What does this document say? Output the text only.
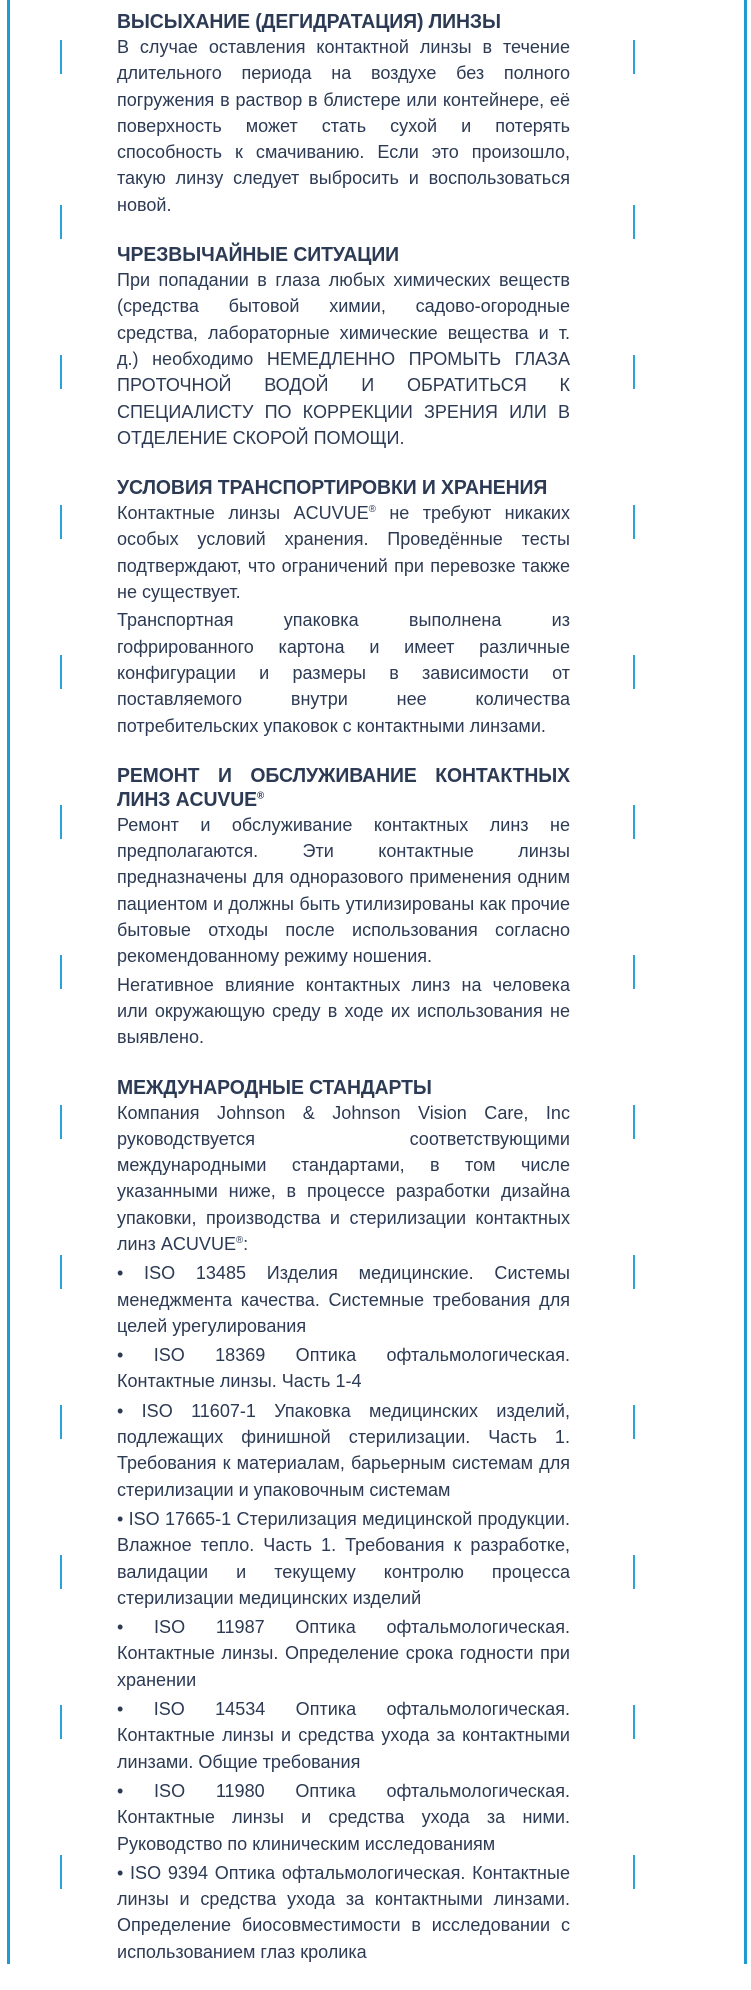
ВЫСЫХАНИЕ (ДЕГИДРАТАЦИЯ) ЛИНЗЫ

В случае оставления контактной линзы в течение длительного периода на воздухе без полного погружения в раствор в блистере или контейнере, её поверхность может стать сухой и потерять способность к смачиванию. Если это произошло, такую линзу следует выбросить и воспользоваться новой.

ЧРЕЗВЫЧАЙНЫЕ СИТУАЦИИ

При попадании в глаза любых химических веществ (средства бытовой химии, садово-огородные средства, лабораторные химические вещества и т. д.) необходимо НЕМЕДЛЕННО ПРОМЫТЬ ГЛАЗА ПРОТОЧНОЙ ВОДОЙ И ОБРАТИТЬСЯ К СПЕЦИАЛИСТУ ПО КОРРЕКЦИИ ЗРЕНИЯ ИЛИ В ОТДЕЛЕНИЕ СКОРОЙ ПОМОЩИ.

УСЛОВИЯ ТРАНСПОРТИРОВКИ И ХРАНЕНИЯ

Контактные линзы ACUVUE® не требуют никаких особых условий хранения. Проведённые тесты подтверждают, что ограничений при перевозке также не существует.

Транспортная упаковка выполнена из гофрированного картона и имеет различные конфигурации и размеры в зависимости от поставляемого внутри нее количества потребительских упаковок с контактными линзами.

РЕМОНТ И ОБСЛУЖИВАНИЕ КОНТАКТНЫХ ЛИНЗ ACUVUE®

Ремонт и обслуживание контактных линз не предполагаются. Эти контактные линзы предназначены для одноразового применения одним пациентом и должны быть утилизированы как прочие бытовые отходы после использования согласно рекомендованному режиму ношения.

Негативное влияние контактных линз на человека или окружающую среду в ходе их использования не выявлено.

МЕЖДУНАРОДНЫЕ СТАНДАРТЫ

Компания Johnson & Johnson Vision Care, Inc руководствуется соответствующими международными стандартами, в том числе указанными ниже, в процессе разработки дизайна упаковки, производства и стерилизации контактных линз ACUVUE®:

• ISO 13485 Изделия медицинские. Системы менеджмента качества. Системные требования для целей урегулирования

• ISO 18369 Оптика офтальмологическая. Контактные линзы. Часть 1-4

• ISO 11607-1 Упаковка медицинских изделий, подлежащих финишной стерилизации. Часть 1. Требования к материалам, барьерным системам для стерилизации и упаковочным системам

• ISO 17665-1 Стерилизация медицинской продукции. Влажное тепло. Часть 1. Требования к разработке, валидации и текущему контролю процесса стерилизации медицинских изделий

• ISO 11987 Оптика офтальмологическая. Контактные линзы. Определение срока годности при хранении

• ISO 14534 Оптика офтальмологическая. Контактные линзы и средства ухода за контактными линзами. Общие требования

• ISO 11980 Оптика офтальмологическая. Контактные линзы и средства ухода за ними. Руководство по клиническим исследованиям

• ISO 9394 Оптика офтальмологическая. Контактные линзы и средства ухода за контактными линзами. Определение биосовместимости в исследовании с использованием глаз кролика
